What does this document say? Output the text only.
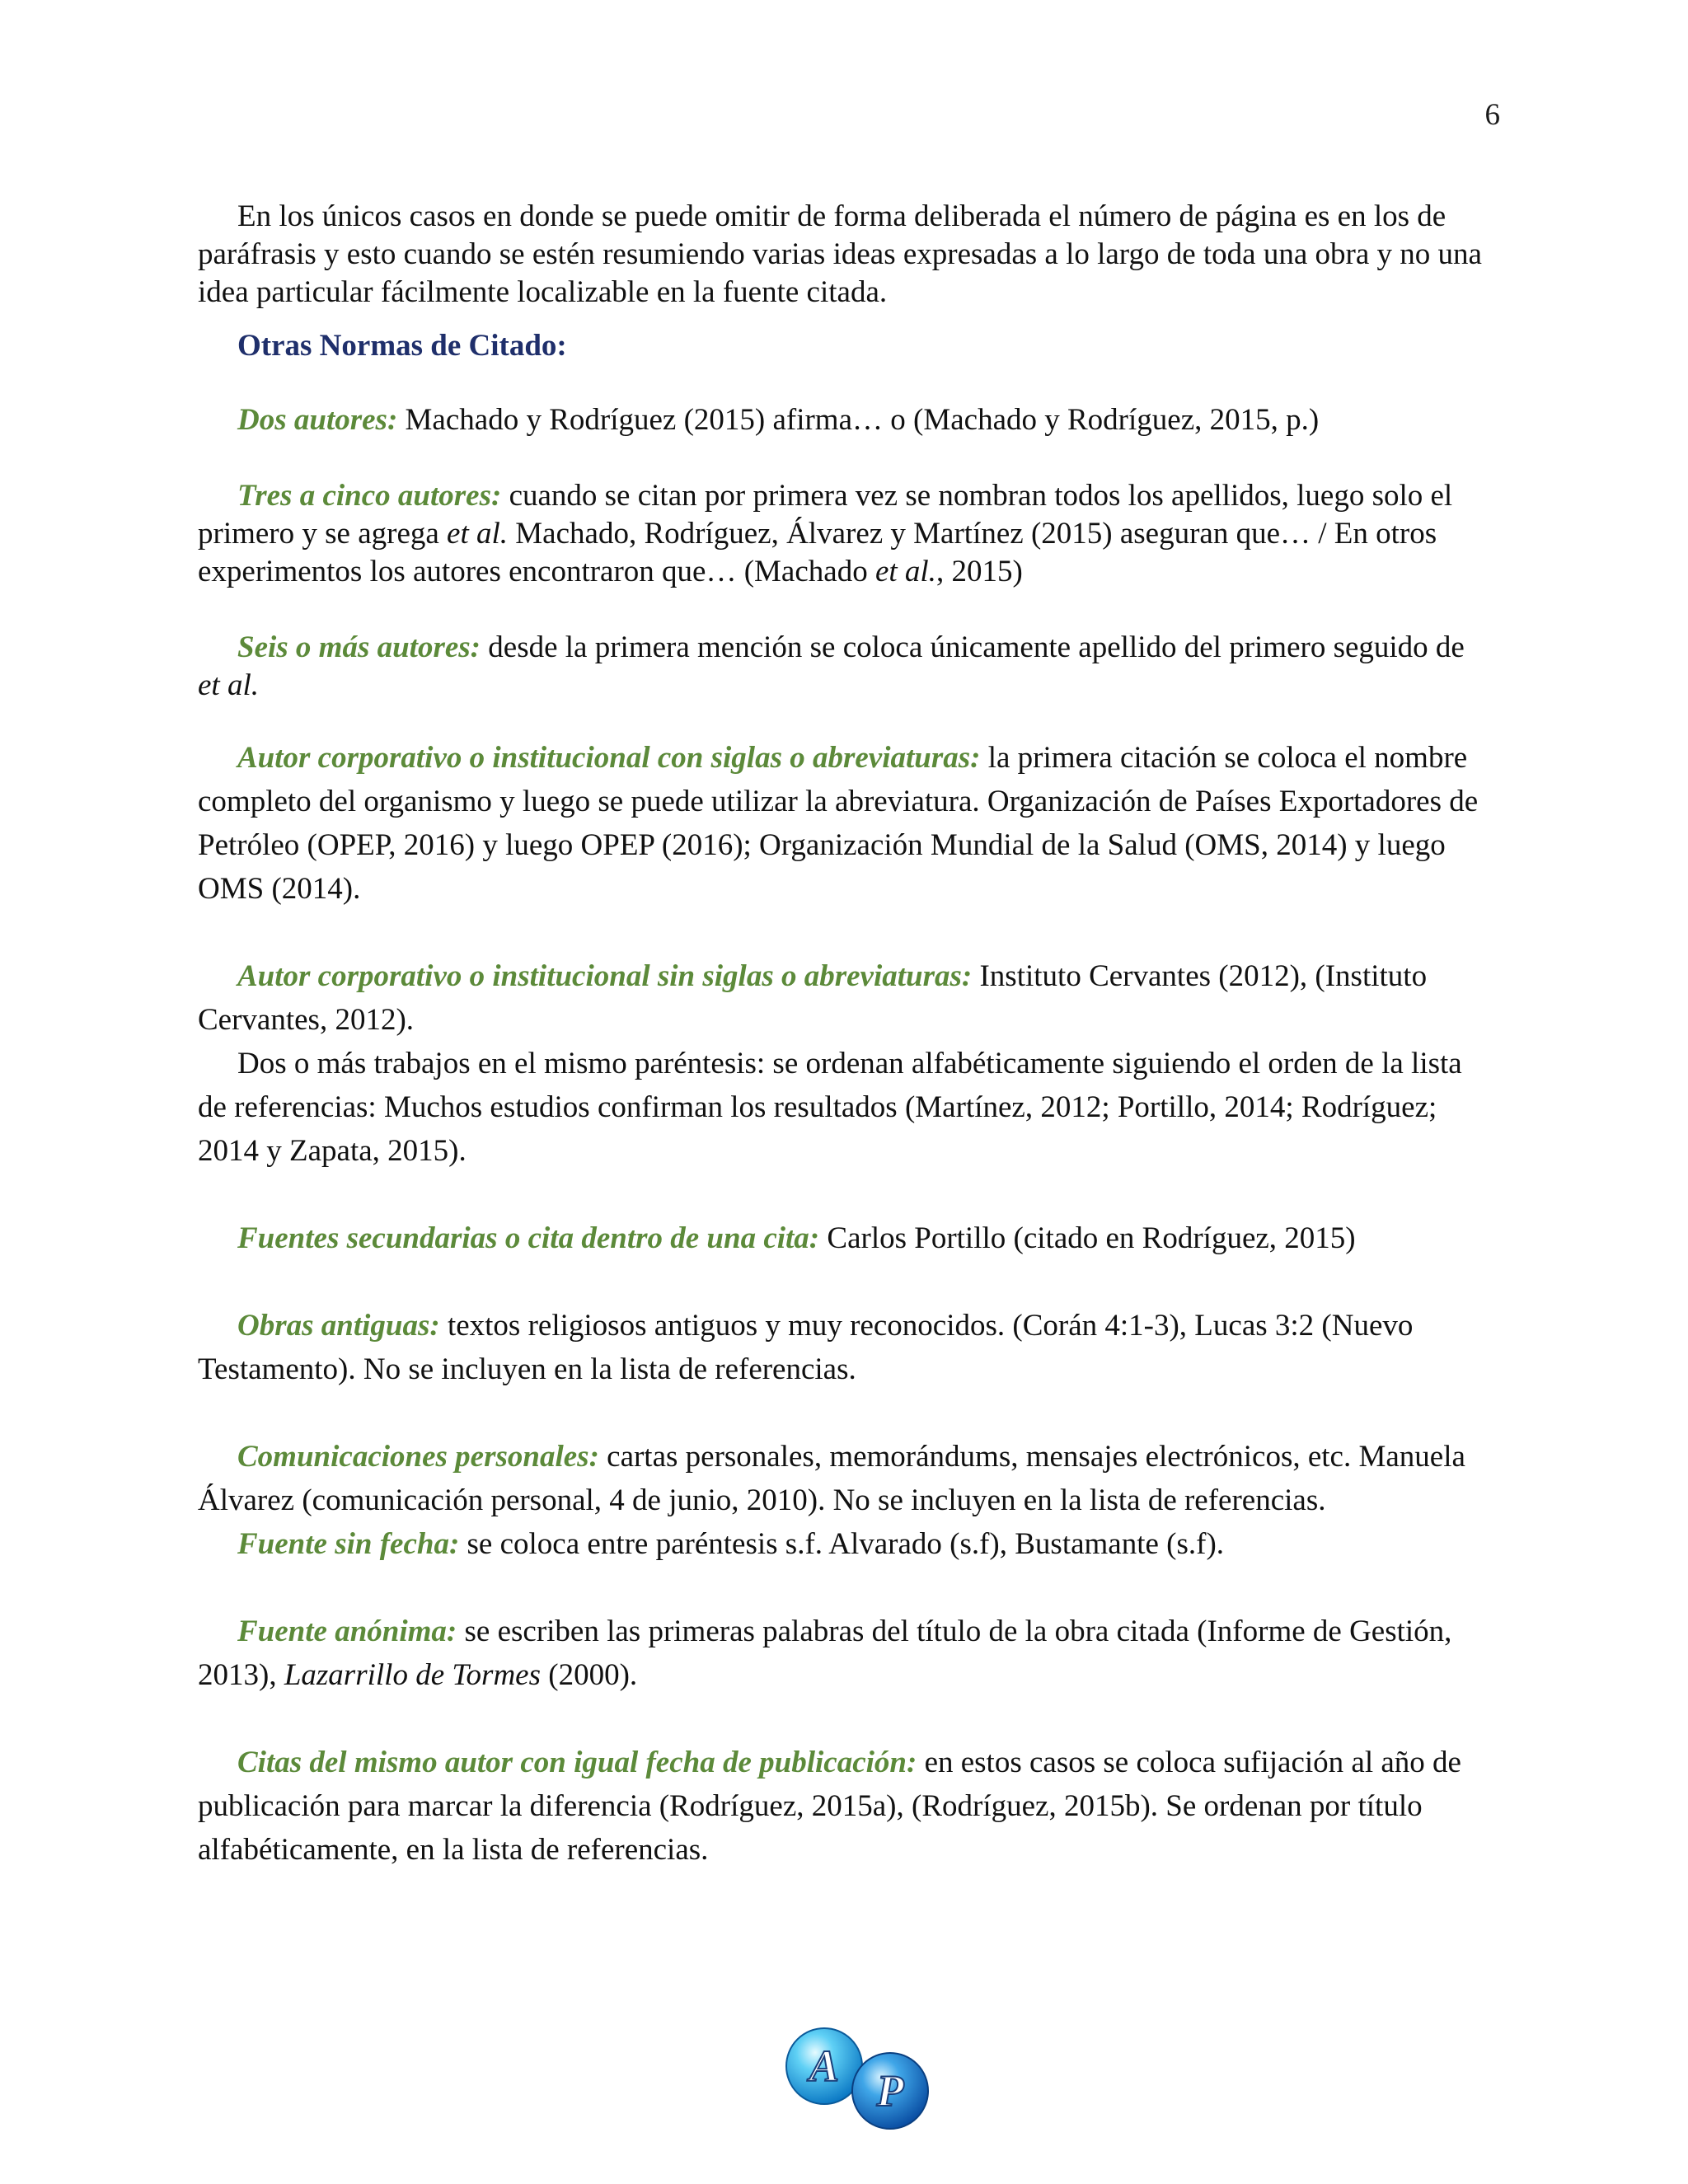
6

En los únicos casos en donde se puede omitir de forma deliberada el número de página es en los de paráfrasis y esto cuando se estén resumiendo varias ideas expresadas a lo largo de toda una obra y no una idea particular fácilmente localizable en la fuente citada.

Otras Normas de Citado:

Dos autores: Machado y Rodríguez (2015) afirma… o (Machado y Rodríguez, 2015, p.)

Tres a cinco autores: cuando se citan por primera vez se nombran todos los apellidos, luego solo el primero y se agrega et al. Machado, Rodríguez, Álvarez y Martínez (2015) aseguran que… / En otros experimentos los autores encontraron que… (Machado et al., 2015)

Seis o más autores: desde la primera mención se coloca únicamente apellido del primero seguido de et al.

Autor corporativo o institucional con siglas o abreviaturas: la primera citación se coloca el nombre completo del organismo y luego se puede utilizar la abreviatura. Organización de Países Exportadores de Petróleo (OPEP, 2016) y luego OPEP (2016); Organización Mundial de la Salud (OMS, 2014) y luego OMS (2014).

Autor corporativo o institucional sin siglas o abreviaturas: Instituto Cervantes (2012), (Instituto Cervantes, 2012).

Dos o más trabajos en el mismo paréntesis: se ordenan alfabéticamente siguiendo el orden de la lista de referencias: Muchos estudios confirman los resultados (Martínez, 2012; Portillo, 2014; Rodríguez; 2014 y Zapata, 2015).

Fuentes secundarias o cita dentro de una cita: Carlos Portillo (citado en Rodríguez, 2015)

Obras antiguas: textos religiosos antiguos y muy reconocidos. (Corán 4:1-3), Lucas 3:2 (Nuevo Testamento). No se incluyen en la lista de referencias.

Comunicaciones personales: cartas personales, memorándums, mensajes electrónicos, etc. Manuela Álvarez (comunicación personal, 4 de junio, 2010). No se incluyen en la lista de referencias.

Fuente sin fecha: se coloca entre paréntesis s.f. Alvarado (s.f), Bustamante (s.f).

Fuente anónima: se escriben las primeras palabras del título de la obra citada (Informe de Gestión, 2013), Lazarrillo de Tormes (2000).

Citas del mismo autor con igual fecha de publicación: en estos casos se coloca sufijación al año de publicación para marcar la diferencia (Rodríguez, 2015a), (Rodríguez, 2015b). Se ordenan por título alfabéticamente, en la lista de referencias.

A P
